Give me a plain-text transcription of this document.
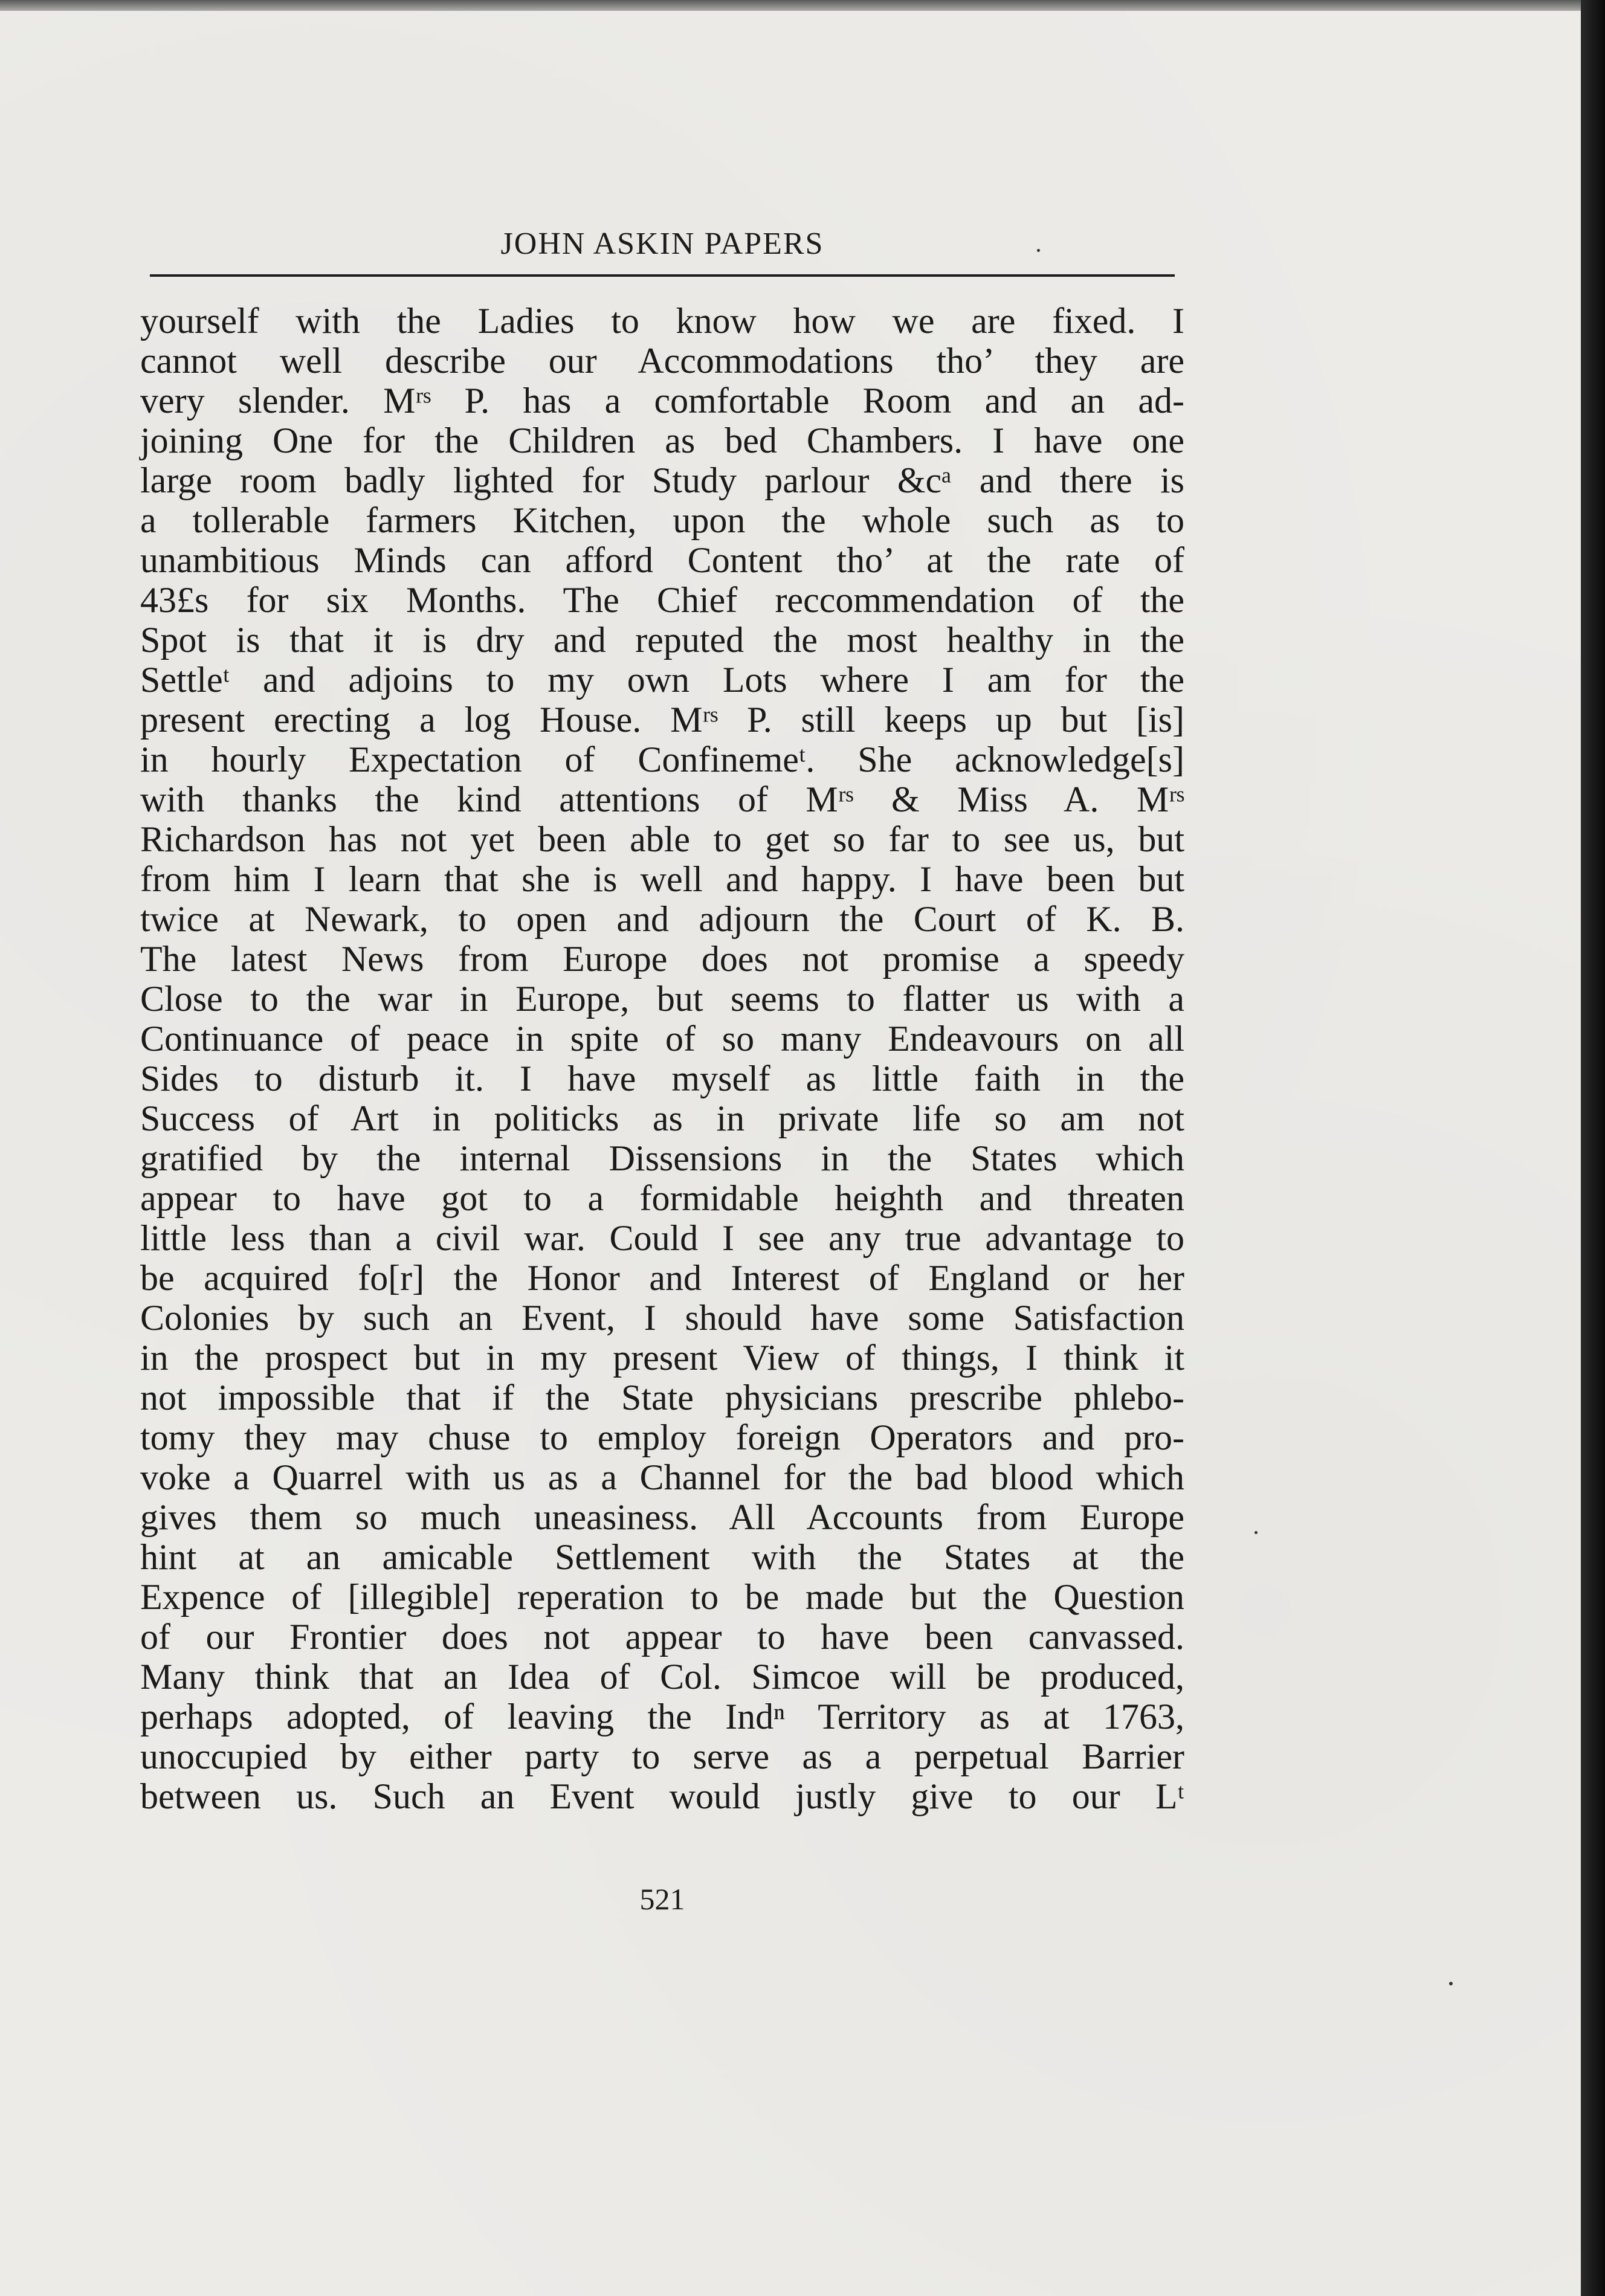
JOHN ASKIN PAPERS
yourself with the Ladies to know how we are fixed. I
cannot well describe our Accommodations tho’ they are
very slender. Mʳˢ P. has a comfortable Room and an ad-
joining One for the Children as bed Chambers. I have one
large room badly lighted for Study parlour &cᵃ and there is
a tollerable farmers Kitchen, upon the whole such as to
unambitious Minds can afford Content tho’ at the rate of
43£s for six Months. The Chief reccommendation of the
Spot is that it is dry and reputed the most healthy in the
Settleᵗ and adjoins to my own Lots where I am for the
present erecting a log House. Mʳˢ P. still keeps up but [is]
in hourly Expectation of Confinemeᵗ. She acknowledge[s]
with thanks the kind attentions of Mʳˢ & Miss A. Mʳˢ
Richardson has not yet been able to get so far to see us, but
from him I learn that she is well and happy. I have been but
twice at Newark, to open and adjourn the Court of K. B.
The latest News from Europe does not promise a speedy
Close to the war in Europe, but seems to flatter us with a
Continuance of peace in spite of so many Endeavours on all
Sides to disturb it. I have myself as little faith in the
Success of Art in politicks as in private life so am not
gratified by the internal Dissensions in the States which
appear to have got to a formidable heighth and threaten
little less than a civil war. Could I see any true advantage to
be acquired fo[r] the Honor and Interest of England or her
Colonies by such an Event, I should have some Satisfaction
in the prospect but in my present View of things, I think it
not impossible that if the State physicians prescribe phlebo-
tomy they may chuse to employ foreign Operators and pro-
voke a Quarrel with us as a Channel for the bad blood which
gives them so much uneasiness. All Accounts from Europe
hint at an amicable Settlement with the States at the
Expence of [illegible] reperation to be made but the Question
of our Frontier does not appear to have been canvassed.
Many think that an Idea of Col. Simcoe will be produced,
perhaps adopted, of leaving the Indⁿ Territory as at 1763,
unoccupied by either party to serve as a perpetual Barrier
between us. Such an Event would justly give to our Lᵗ
521
